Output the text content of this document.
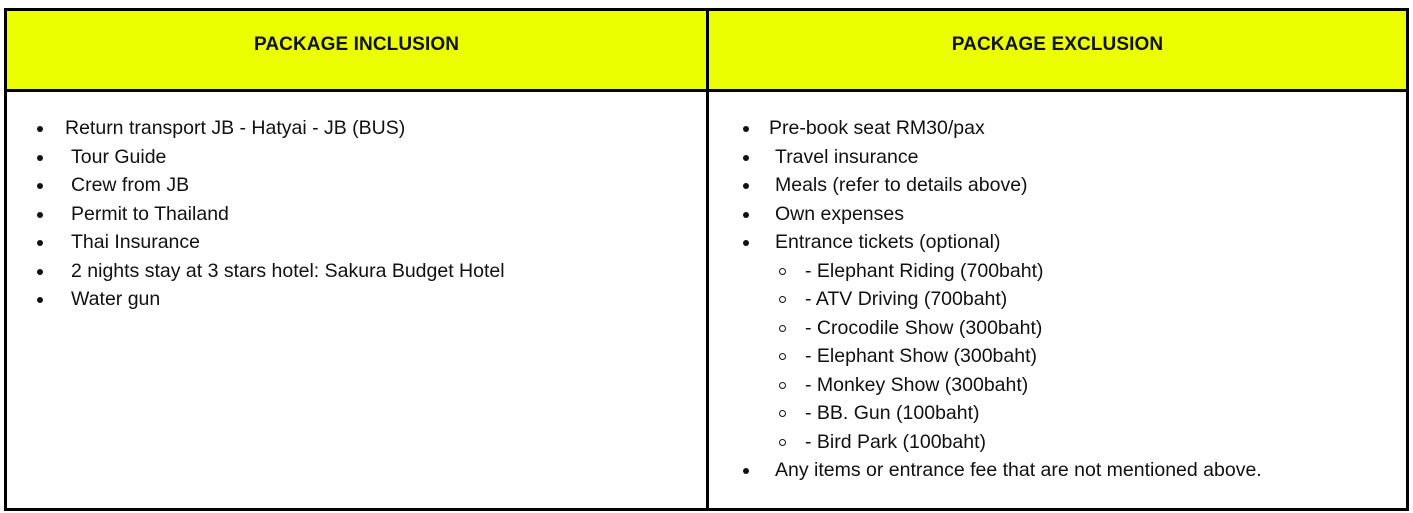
PACKAGE INCLUSION	PACKAGE EXCLUSION
Return transport JB - Hatyai - JB (BUS)
Tour Guide
Crew from JB
Permit to Thailand
Thai Insurance
2 nights stay at 3 stars hotel: Sakura Budget Hotel
Water gun
Pre-book seat RM30/pax
Travel insurance
Meals (refer to details above)
Own expenses
Entrance tickets (optional)
- Elephant Riding (700baht)
- ATV Driving (700baht)
- Crocodile Show (300baht)
- Elephant Show (300baht)
- Monkey Show (300baht)
- BB. Gun (100baht)
- Bird Park (100baht)
Any items or entrance fee that are not mentioned above.
